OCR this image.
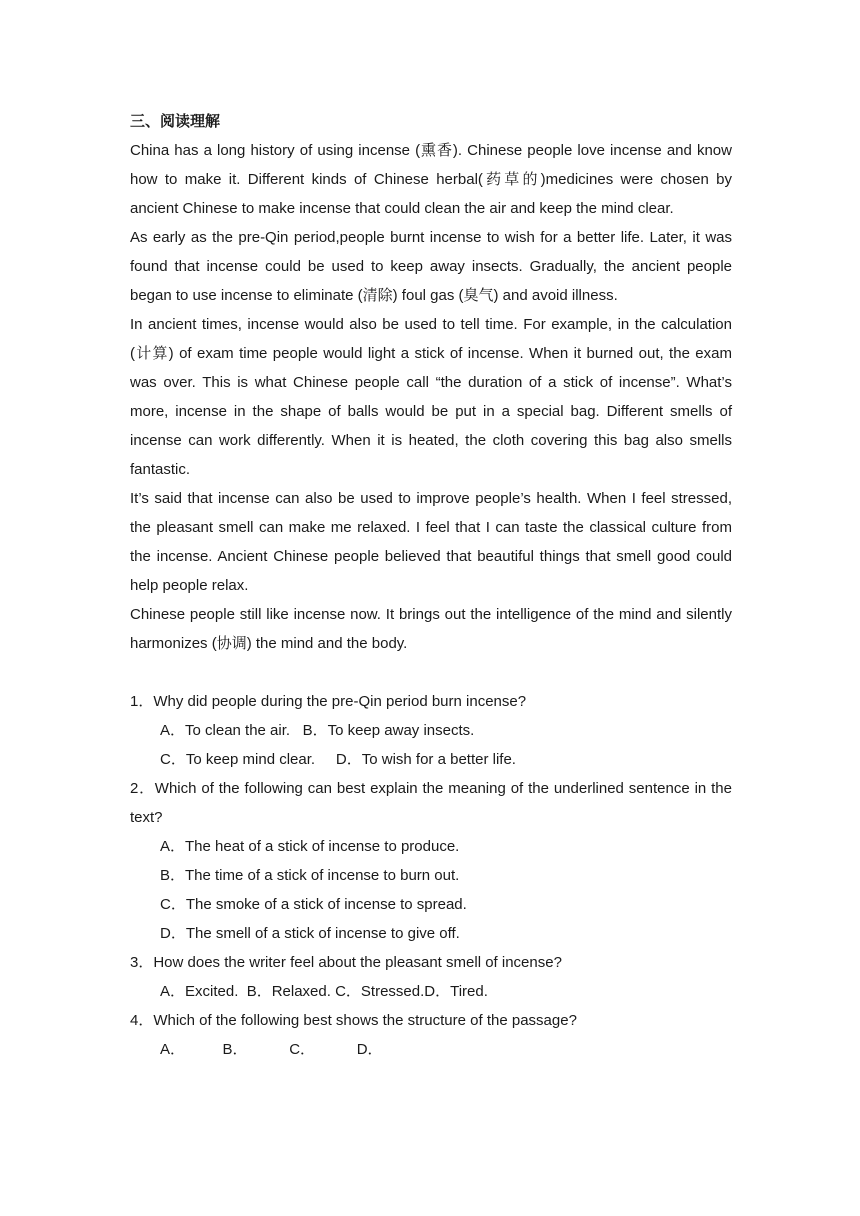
三、阅读理解

China has a long history of using incense (熏香). Chinese people love incense and know how to make it. Different kinds of Chinese herbal(药草的)medicines were chosen by ancient Chinese to make incense that could clean the air and keep the mind clear.

As early as the pre-Qin period,people burnt incense to wish for a better life. Later, it was found that incense could be used to keep away insects. Gradually, the ancient people began to use incense to eliminate (清除) foul gas (臭气) and avoid illness.

In ancient times, incense would also be used to tell time. For example, in the calculation (计算) of exam time people would light a stick of incense. When it burned out, the exam was over. This is what Chinese people call “the duration of a stick of incense”. What’s more, incense in the shape of balls would be put in a special bag. Different smells of incense can work differently. When it is heated, the cloth covering this bag also smells fantastic.

It’s said that incense can also be used to improve people’s health. When I feel stressed, the pleasant smell can make me relaxed. I feel that I can taste the classical culture from the incense. Ancient Chinese people believed that beautiful things that smell good could help people relax.

Chinese people still like incense now. It brings out the intelligence of the mind and silently harmonizes (协调) the mind and the body.

1．Why did people during the pre-Qin period burn incense?

A．To clean the air.   B．To keep away insects.

C．To keep mind clear.     D．To wish for a better life.

2．Which of the following can best explain the meaning of the underlined sentence in the text?

A．The heat of a stick of incense to produce.

B．The time of a stick of incense to burn out.

C．The smoke of a stick of incense to spread.

D．The smell of a stick of incense to give off.

3．How does the writer feel about the pleasant smell of incense?

A．Excited.  B．Relaxed. C．Stressed.D．Tired.

4．Which of the following best shows the structure of the passage?

A．         B．          C．          D．
